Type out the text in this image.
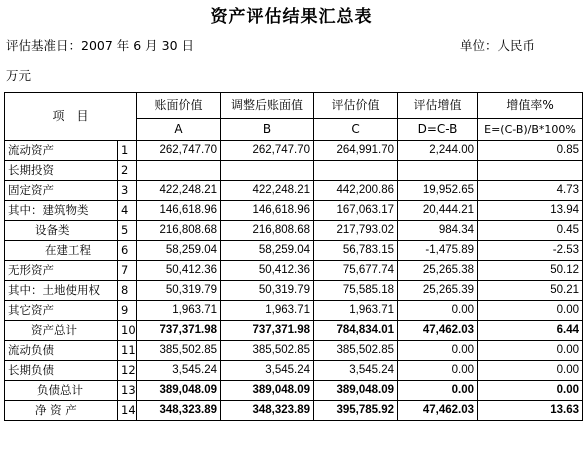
资产评估结果汇总表
评估基准日：2007 年 6 月 30 日	单位：人民币
万元
项　目		账面价值	调整后账面值	评估价值	评估增值	增值率%
		A	B	C	D=C-B	E=(C-B)/B*100%
流动资产	1	262,747.70	262,747.70	264,991.70	2,244.00	0.85
长期投资	2					
固定资产	3	422,248.21	422,248.21	442,200.86	19,952.65	4.73
其中：建筑物类	4	146,618.96	146,618.96	167,063.17	20,444.21	13.94
设备类	5	216,808.68	216,808.68	217,793.02	984.34	0.45
在建工程	6	58,259.04	58,259.04	56,783.15	-1,475.89	-2.53
无形资产	7	50,412.36	50,412.36	75,677.74	25,265.38	50.12
其中：土地使用权	8	50,319.79	50,319.79	75,585.18	25,265.39	50.21
其它资产	9	1,963.71	1,963.71	1,963.71	0.00	0.00
资产总计	10	737,371.98	737,371.98	784,834.01	47,462.03	6.44
流动负债	11	385,502.85	385,502.85	385,502.85	0.00	0.00
长期负债	12	3,545.24	3,545.24	3,545.24	0.00	0.00
负债总计	13	389,048.09	389,048.09	389,048.09	0.00	0.00
净 资 产	14	348,323.89	348,323.89	395,785.92	47,462.03	13.63
